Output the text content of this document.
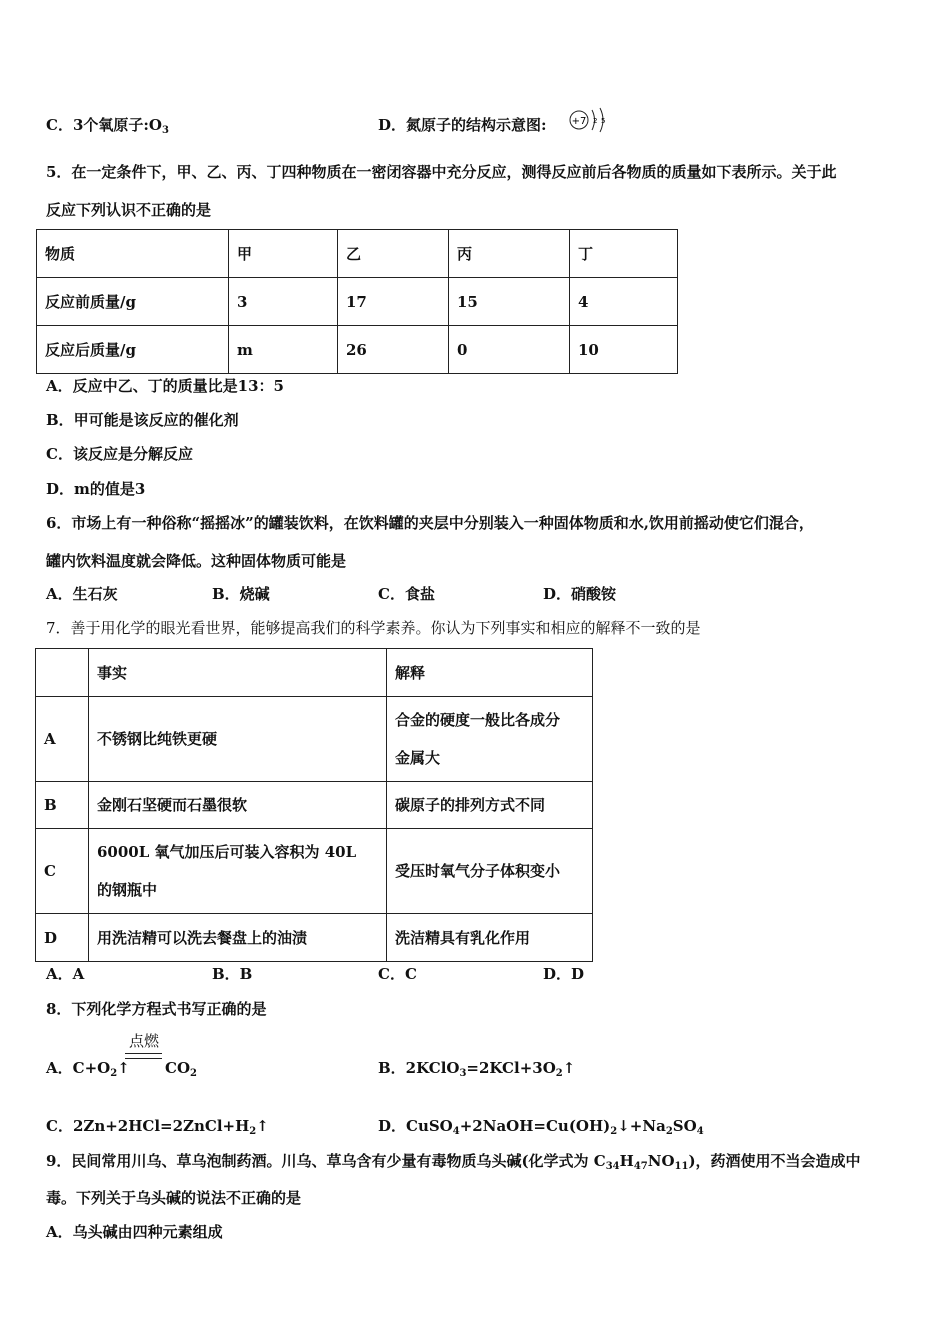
C．3个氧原子$:O_3$	D．氮原子的结构示意图:	+7 2 5
5．在一定条件下，甲、乙、丙、丁四种物质在一密闭容器中充分反应，测得反应前后各物质的质量如下表所示。关于此
反应下列认识不正确的是
物质	甲	乙	丙	丁
反应前质量/g	3	17	15	4
反应后质量/g	m	26	0	10
A．反应中乙、丁的质量比是13：5
B．甲可能是该反应的催化剂
C．该反应是分解反应
D．m的值是3
6．市场上有一种俗称“摇摇冰”的罐装饮料，在饮料罐的夹层中分别装入一种固体物质和水,饮用前摇动使它们混合，
罐内饮料温度就会降低。这种固体物质可能是
A．生石灰	B．烧碱	C．食盐	D．硝酸铵
7．善于用化学的眼光看世界，能够提高我们的科学素养。你认为下列事实和相应的解释不一致的是
	事实	解释
A	不锈钢比纯铁更硬	合金的硬度一般比各成分
金属大

B	金刚石坚硬而石墨很软	碳原子的排列方式不同
C	6000L 氧气加压后可装入容积为 40L
的钢瓶中	受压时氧气分子体积变小
D	用洗洁精可以洗去餐盘上的油渍	洗洁精具有乳化作用
A．A	B．B	C．C	D．D
8．下列化学方程式书写正确的是
点燃
A．$C+O_2↑$ $CO_2$	B．$2KClO_3=2KCl+3O_2↑$
C．$2Zn+2HCl=2ZnCl+H_2↑$	D．$CuSO_4+2NaOH=Cu(OH)_2↓+Na_2SO_4$
9．民间常用川乌、草乌泡制药酒。川乌、草乌含有少量有毒物质乌头碱(化学式为 $C_{34}H_{47}NO_{11}$)，药酒使用不当会造成中
毒。下列关于乌头碱的说法不正确的是
A．乌头碱由四种元素组成
